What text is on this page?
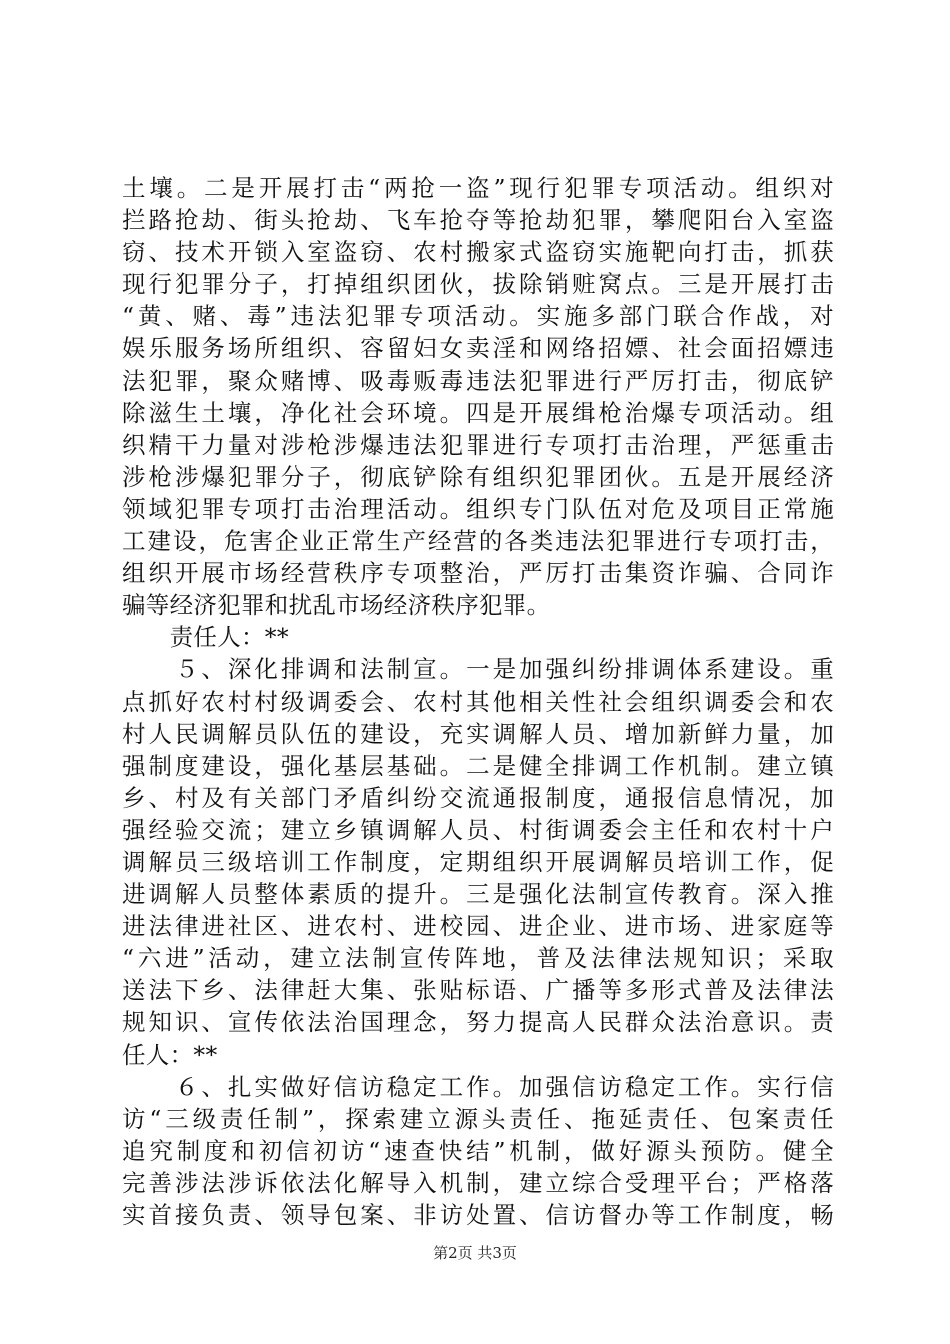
土壤。二是开展打击“两抢一盗”现行犯罪专项活动。组织对
拦路抢劫、街头抢劫、飞车抢夺等抢劫犯罪，攀爬阳台入室盗
窃、技术开锁入室盗窃、农村搬家式盗窃实施靶向打击，抓获
现行犯罪分子，打掉组织团伙，拔除销赃窝点。三是开展打击
“黄、赌、毒”违法犯罪专项活动。实施多部门联合作战，对
娱乐服务场所组织、容留妇女卖淫和网络招嫖、社会面招嫖违
法犯罪，聚众赌博、吸毒贩毒违法犯罪进行严厉打击，彻底铲
除滋生土壤，净化社会环境。四是开展缉枪治爆专项活动。组
织精干力量对涉枪涉爆违法犯罪进行专项打击治理，严惩重击
涉枪涉爆犯罪分子，彻底铲除有组织犯罪团伙。五是开展经济
领域犯罪专项打击治理活动。组织专门队伍对危及项目正常施
工建设，危害企业正常生产经营的各类违法犯罪进行专项打击，
组织开展市场经营秩序专项整治，严厉打击集资诈骗、合同诈
骗等经济犯罪和扰乱市场经济秩序犯罪。
　　责任人：**
　　５、深化排调和法制宣。一是加强纠纷排调体系建设。重
点抓好农村村级调委会、农村其他相关性社会组织调委会和农
村人民调解员队伍的建设，充实调解人员、增加新鲜力量，加
强制度建设，强化基层基础。二是健全排调工作机制。建立镇
乡、村及有关部门矛盾纠纷交流通报制度，通报信息情况，加
强经验交流；建立乡镇调解人员、村街调委会主任和农村十户
调解员三级培训工作制度，定期组织开展调解员培训工作，促
进调解人员整体素质的提升。三是强化法制宣传教育。深入推
进法律进社区、进农村、进校园、进企业、进市场、进家庭等
“六进”活动，建立法制宣传阵地，普及法律法规知识；采取
送法下乡、法律赶大集、张贴标语、广播等多形式普及法律法
规知识、宣传依法治国理念，努力提高人民群众法治意识。责
任人：**
　　６、扎实做好信访稳定工作。加强信访稳定工作。实行信
访“三级责任制”，探索建立源头责任、拖延责任、包案责任
追究制度和初信初访“速查快结”机制，做好源头预防。健全
完善涉法涉诉依法化解导入机制，建立综合受理平台；严格落
实首接负责、领导包案、非访处置、信访督办等工作制度，畅
第2页 共3页
